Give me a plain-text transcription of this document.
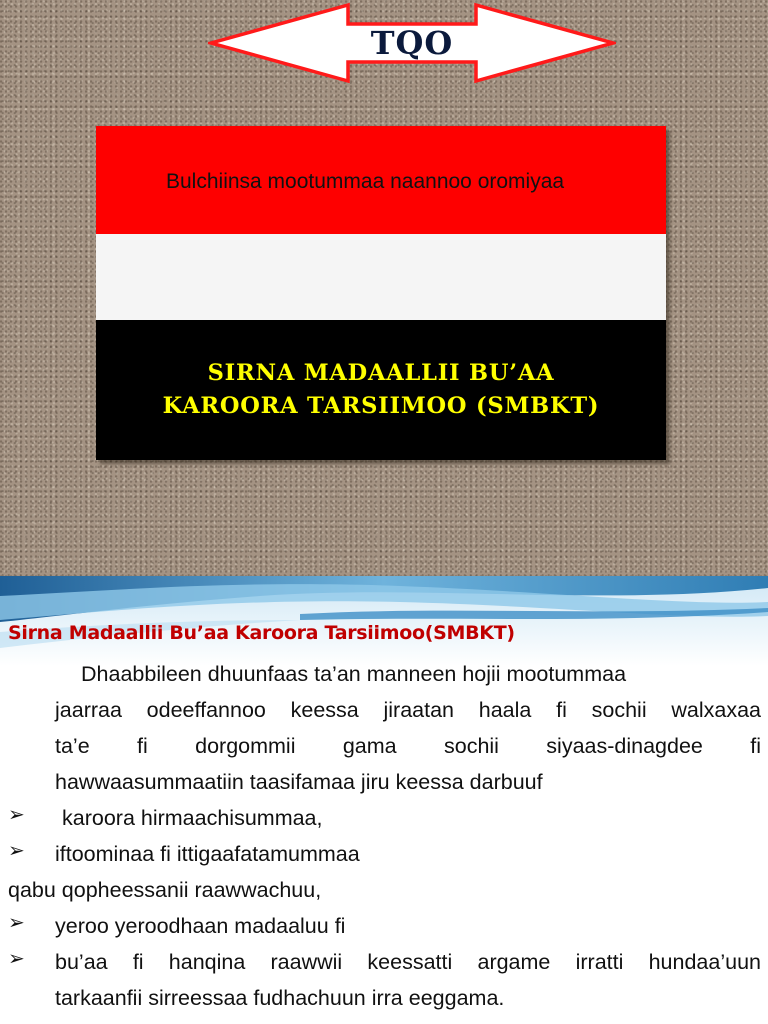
TQO
Bulchiinsa mootummaa naannoo oromiyaa
SIRNA MADAALLII BU’AA
KAROORA TARSIIMOO (SMBKT)
Sirna Madaallii Bu’aa Karoora Tarsiimoo(SMBKT)
Dhaabbileen dhuunfaas ta’an manneen hojii mootummaa
jaarraa odeeffannoo keessa jiraatan haala fi sochii walxaxaa
ta’e fi dorgommii gama sochii siyaas-dinagdee fi
hawwaasummaatiin taasifamaa jiru keessa darbuuf
➢ karoora hirmaachisummaa,
➢ iftoominaa fi ittigaafatamummaa
qabu qopheessanii raawwachuu,
➢ yeroo yeroodhaan madaaluu fi
➢ bu’aa fi hanqina raawwii keessatti argame irratti hundaa’uun
tarkaanfii sirreessaa fudhachuun irra eeggama.
